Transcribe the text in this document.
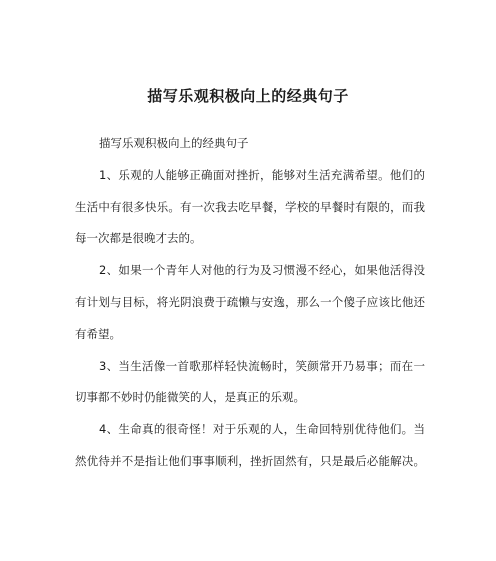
描写乐观积极向上的经典句子

描写乐观积极向上的经典句子

1、乐观的人能够正确面对挫折，能够对生活充满希望。他们的
生活中有很多快乐。有一次我去吃早餐，学校的早餐时有限的，而我
每一次都是很晚才去的。

2、如果一个青年人对他的行为及习惯漫不经心，如果他活得没
有计划与目标，将光阴浪费于疏懒与安逸，那么一个傻子应该比他还
有希望。

3、当生活像一首歌那样轻快流畅时，笑颜常开乃易事；而在一
切事都不妙时仍能微笑的人，是真正的乐观。

4、生命真的很奇怪！对于乐观的人，生命回特别优待他们。当
然优待并不是指让他们事事顺利，挫折固然有，只是最后必能解决。
